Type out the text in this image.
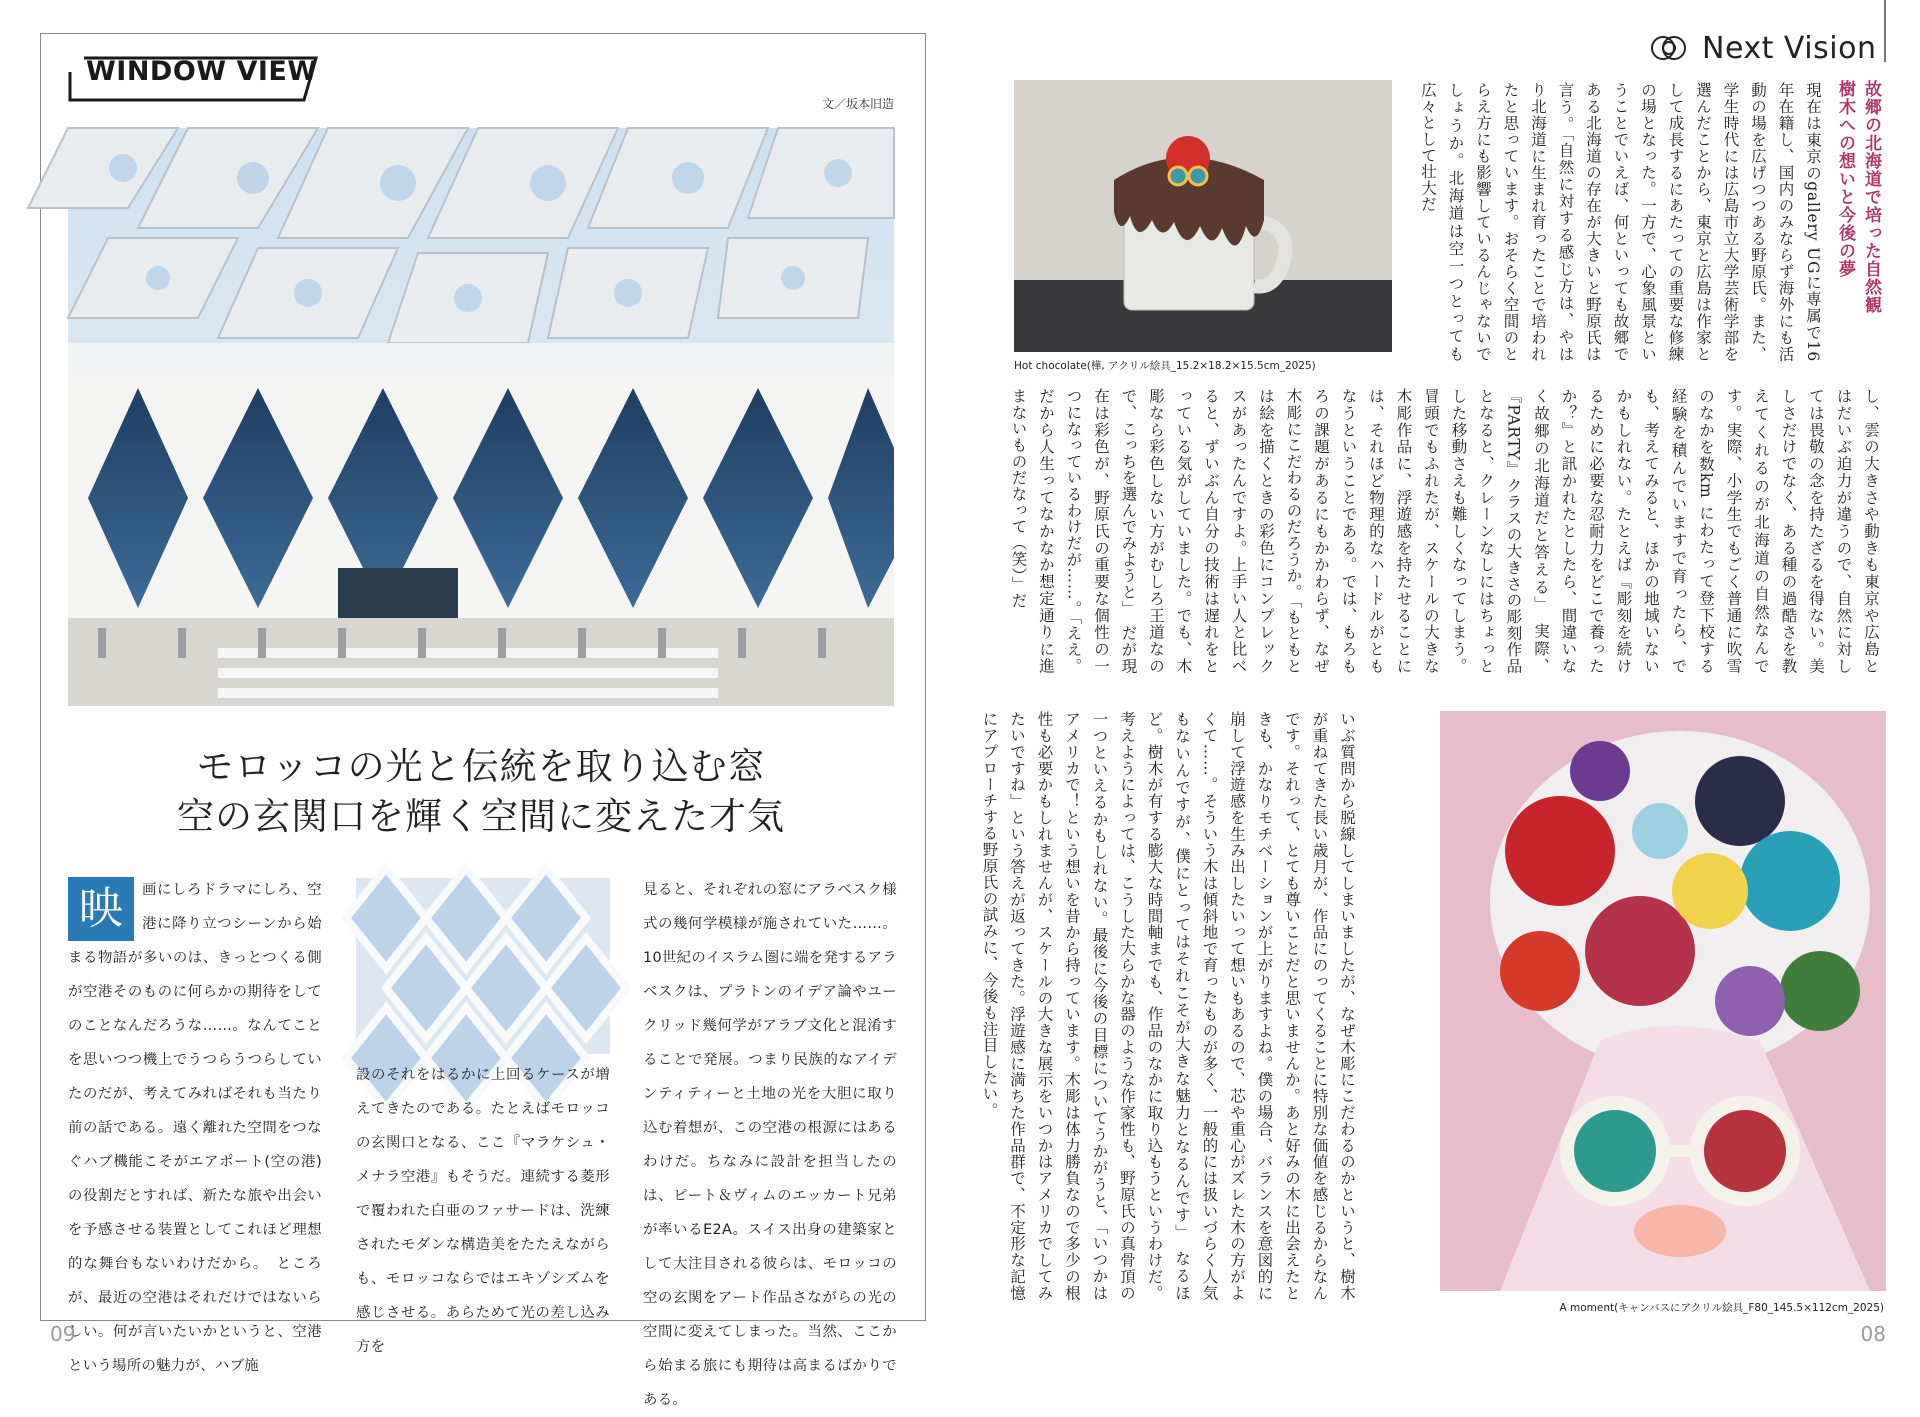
WINDOW VIEW
文／坂本旧造
モロッコの光と伝統を取り込む窓
空の玄関口を輝く空間に変えた才気
映	画にしろドラマにしろ、空港に降り立つシーンから始まる物語が多いのは、きっとつくる側が空港そのものに何らかの期待をしてのことなんだろうな……。なんてことを思いつつ機上でうつらうつらしていたのだが、考えてみればそれも当たり前の話である。遠く離れた空間をつなぐハブ機能こそがエアポート(空の港)の役割だとすれば、新たな旅や出会いを予感させる装置としてこれほど理想的な舞台もないわけだから。　ところが、最近の空港はそれだけではないらしい。何が言いたいかというと、空港という場所の魅力が、ハブ施
設のそれをはるかに上回るケースが増えてきたのである。たとえばモロッコの玄関口となる、ここ『マラケシュ・メナラ空港』もそうだ。連続する菱形で覆われた白亜のファサードは、洗練されたモダンな構造美をたたえながらも、モロッコならではエキゾシズムを感じさせる。あらためて光の差し込み方を
見ると、それぞれの窓にアラベスク様式の幾何学模様が施されていた……。10世紀のイスラム圏に端を発するアラベスクは、プラトンのイデア論やユークリッド幾何学がアラブ文化と混淆することで発展。つまり民族的なアイデンティティーと土地の光を大胆に取り込む着想が、この空港の根源にはあるわけだ。ちなみに設計を担当したのは、ピート＆ヴィムのエッカート兄弟が率いるE2A。スイス出身の建築家として大注目される彼らは、モロッコの空の玄関をアート作品さながらの光の空間に変えてしまった。当然、ここから始まる旅にも期待は高まるばかりである。
09
Next Vision
Hot chocolate(樺, アクリル絵具_15.2×18.2×15.5cm_2025)
故郷の北海道で培った自然観 樹木への想いと今後の夢
現在は東京のgallery UGに専属で16年在籍し、国内のみならず海外にも活動の場を広げつつある野原氏。また、学生時代には広島市立大学芸術学部を選んだことから、東京と広島は作家として成長するにあたっての重要な修練の場となった。一方で、心象風景ということでいえば、何といっても故郷である北海道の存在が大きいと野原氏は言う。「自然に対する感じ方は、やはり北海道に生まれ育ったことで培われたと思っています。おそらく空間のとらえ方にも影響しているんじゃないでしょうか。北海道は空一つとっても広々として壮大だ
し、雲の大きさや動きも東京や広島とはだいぶ迫力が違うので、自然に対しては畏敬の念を持たざるを得ない。美しさだけでなく、ある種の過酷さを教えてくれるのが北海道の自然なんです。実際、小学生でもごく普通に吹雪のなかを数km にわたって登下校する経験を積んでいますで育ったら、でも、考えてみると、ほかの地域いないかもしれない。たとえば『彫刻を続けるために必要な忍耐力をどこで養ったか？』と訊かれたとしたら、間違いなく故郷の北海道だと答える」　実際、『PARTY』クラスの大きさの彫刻作品となると、クレーンなしにはちょっとした移動さえも難しくなってしまう。冒頭でもふれたが、スケールの大きな木彫作品に、浮遊感を持たせることには、それほど物理的なハードルがともなうということである。では、もろもろの課題があるにもかかわらず、なぜ木彫にこだわるのだろうか。「もともとは絵を描くときの彩色にコンプレックスがあったんですよ。上手い人と比べると、ずいぶん自分の技術は遅れをとっている気がしていました。でも、木彫なら彩色しない方がむしろ王道なので、こっちを選んでみようと」　だが現在は彩色が、野原氏の重要な個性の一つになっているわけだが……。「ええ。だから人生ってなかなか想定通りに進まないものだなって（笑）」だ
いぶ質問から脱線してしまいましたが、なぜ木彫にこだわるのかというと、樹木が重ねてきた長い歳月が、作品にのってくることに特別な価値を感じるからなんです。それって、とても尊いことだと思いませんか。あと好みの木に出会えたときも、かなりモチベーションが上がりますよね。僕の場合、バランスを意図的に崩して浮遊感を生み出したいって想いもあるので、芯や重心がズレた木の方がよくて……。そういう木は傾斜地で育ったものが多く、一般的には扱いづらく人気もないんですが、僕にとってはそれこそが大きな魅力となるんです」　なるほど。樹木が有する膨大な時間軸までも、作品のなかに取り込もうというわけだ。考えようによっては、こうした大らかな器のような作家性も、野原氏の真骨頂の一つといえるかもしれない。最後に今後の目標についてうかがうと、「いつかはアメリカで！という想いを昔から持っています。木彫は体力勝負なので多少の根性も必要かもしれませんが、スケールの大きな展示をいつかはアメリカでしてみたいですね」という答えが返ってきた。浮遊感に満ちた作品群で、不定形な記憶にアプローチする野原氏の試みに、今後も注目したい。
A moment(キャンバスにアクリル絵具_F80_145.5×112cm_2025)
08
